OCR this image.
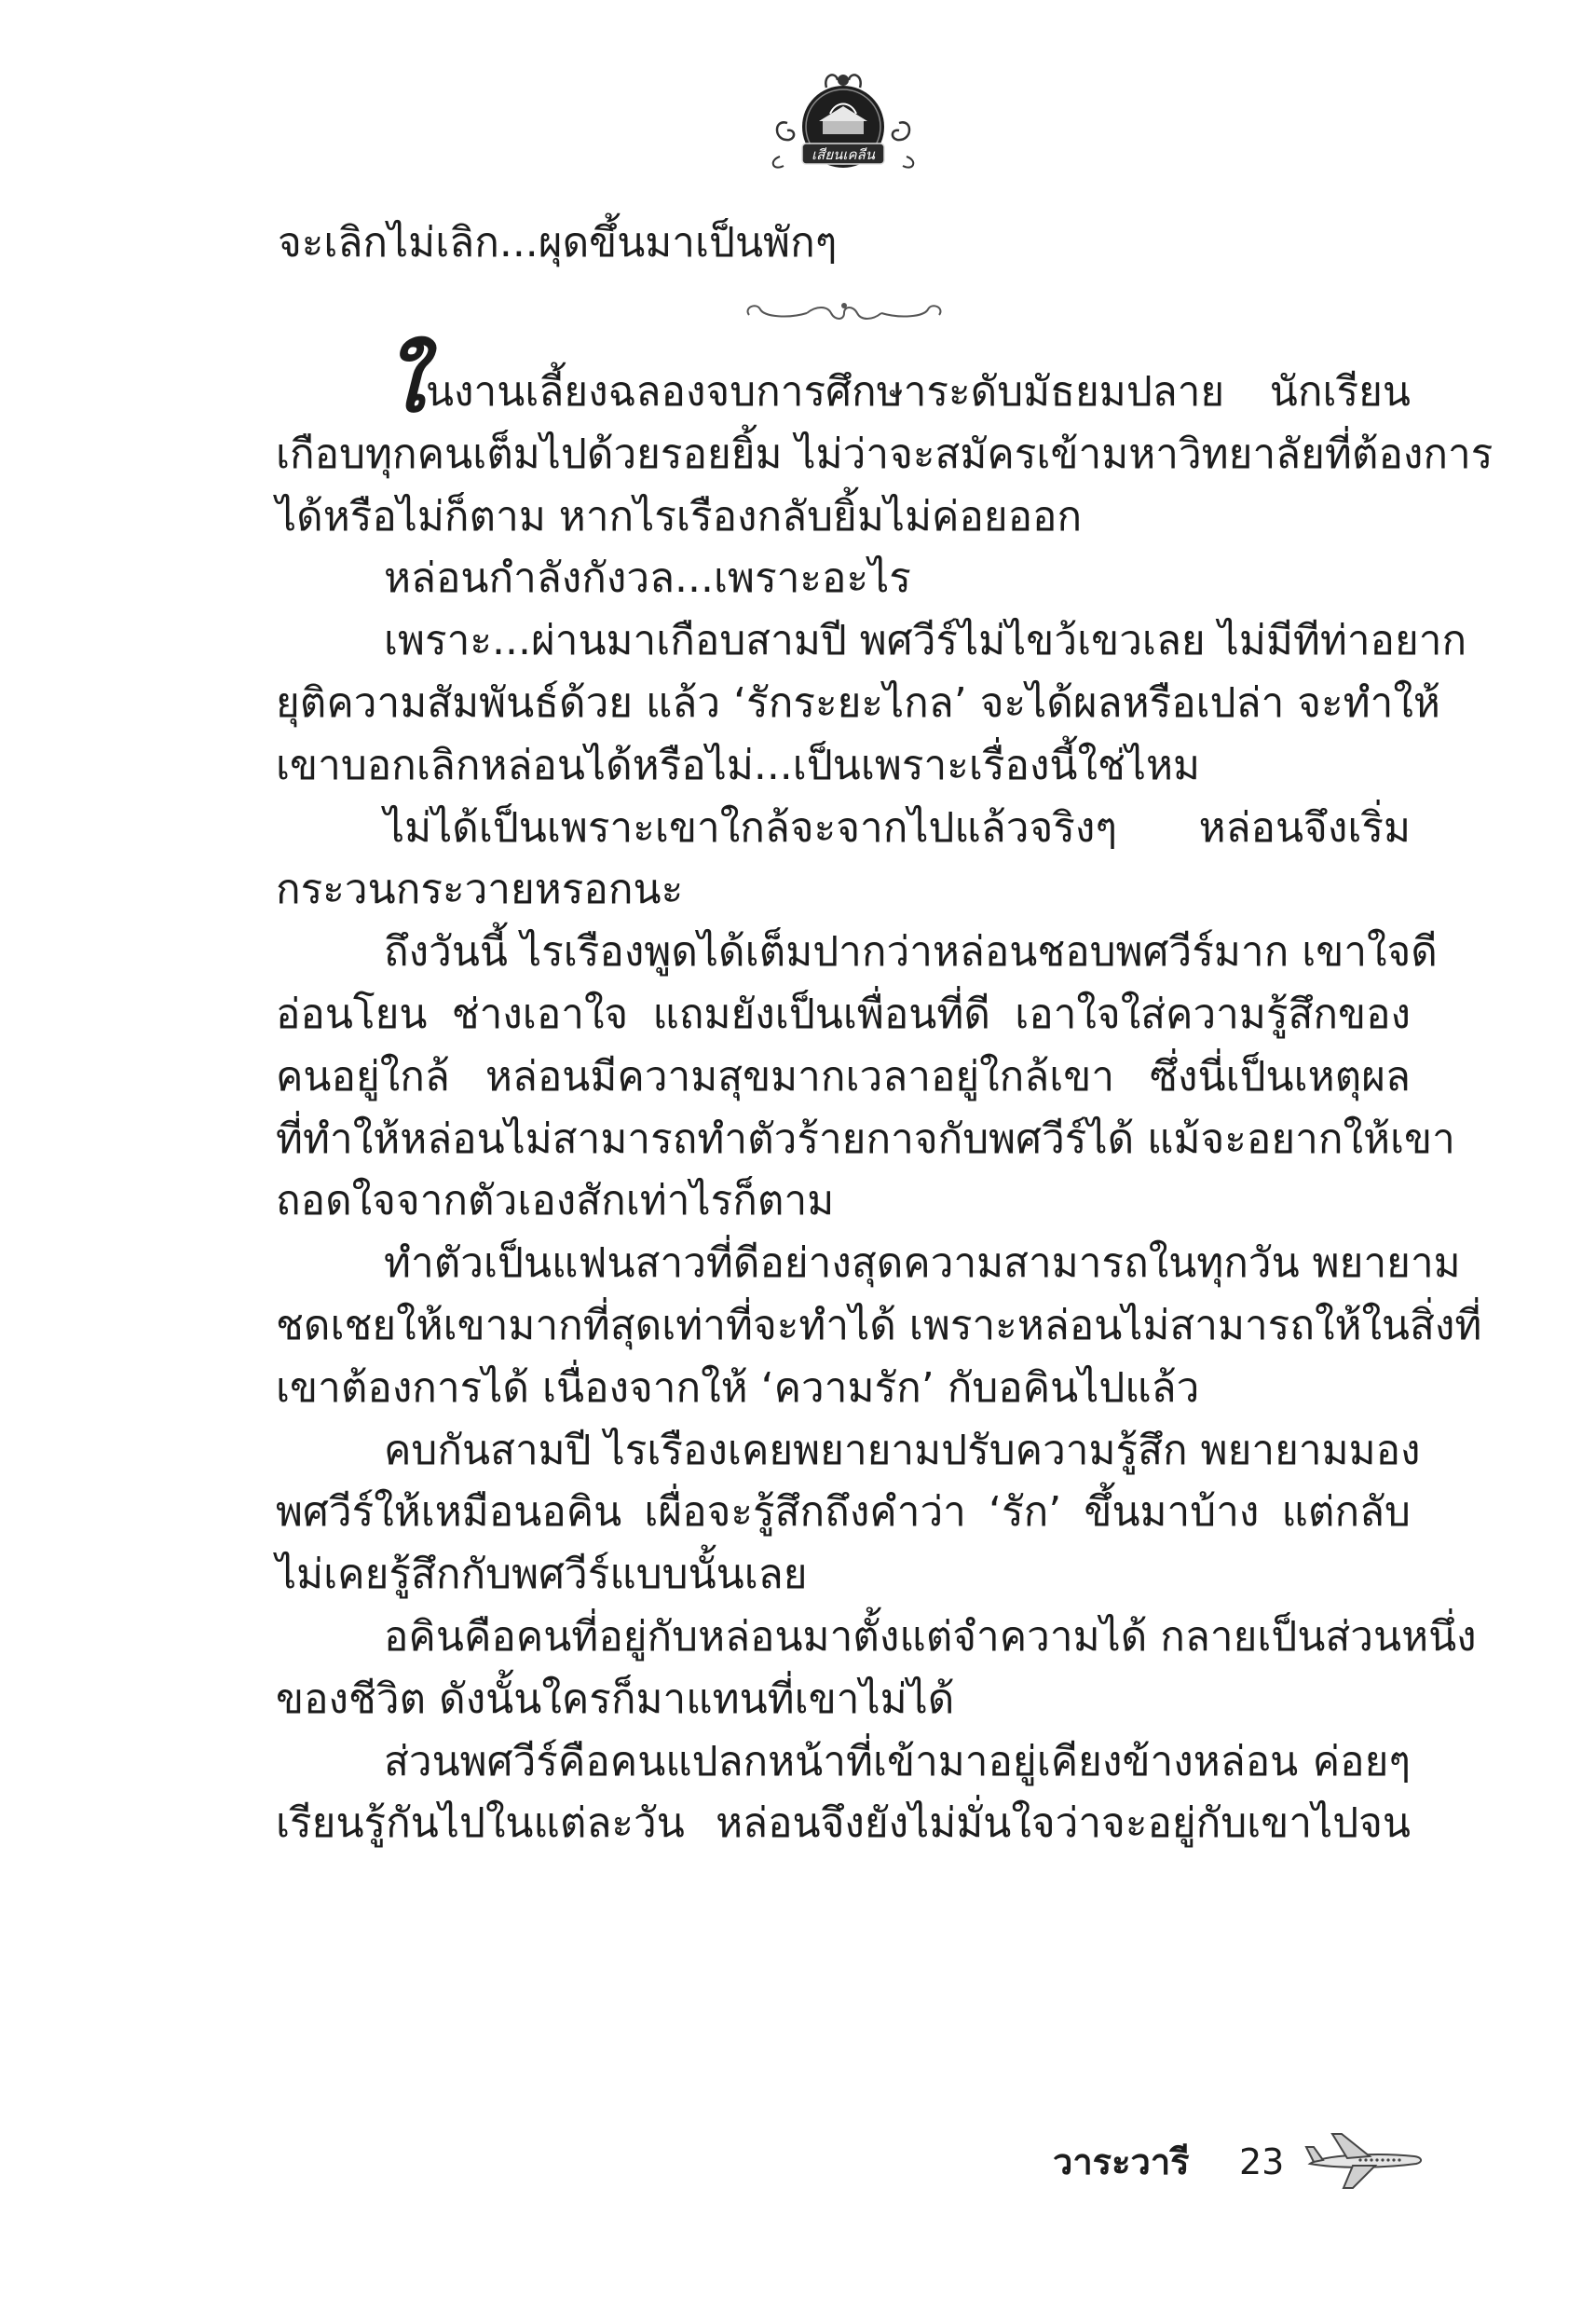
เสียนเคลีน
จะเลิกไม่เลิก...ผุดขึ้นมาเป็นพักๆ
ในงานเลี้ยงฉลองจบการศึกษาระดับมัธยมปลาย นักเรียน
เกือบทุกคนเต็มไปด้วยรอยยิ้ม ไม่ว่าจะสมัครเข้ามหาวิทยาลัยที่ต้องการ
ได้หรือไม่ก็ตาม หากไรเรืองกลับยิ้มไม่ค่อยออก
หล่อนกำลังกังวล...เพราะอะไร
เพราะ...ผ่านมาเกือบสามปี พศวีร์ไม่ไขว้เขวเลย ไม่มีทีท่าอยาก
ยุติความสัมพันธ์ด้วย แล้ว ‘รักระยะไกล’ จะได้ผลหรือเปล่า จะทำให้
เขาบอกเลิกหล่อนได้หรือไม่...เป็นเพราะเรื่องนี้ใช่ไหม
ไม่ได้เป็นเพราะเขาใกล้จะจากไปแล้วจริงๆ หล่อนจึงเริ่ม
กระวนกระวายหรอกนะ
ถึงวันนี้ ไรเรืองพูดได้เต็มปากว่าหล่อนชอบพศวีร์มาก เขาใจดี
อ่อนโยน ช่างเอาใจ แถมยังเป็นเพื่อนที่ดี เอาใจใส่ความรู้สึกของ
คนอยู่ใกล้ หล่อนมีความสุขมากเวลาอยู่ใกล้เขา ซึ่งนี่เป็นเหตุผล
ที่ทำให้หล่อนไม่สามารถทำตัวร้ายกาจกับพศวีร์ได้ แม้จะอยากให้เขา
ถอดใจจากตัวเองสักเท่าไรก็ตาม
ทำตัวเป็นแฟนสาวที่ดีอย่างสุดความสามารถในทุกวัน พยายาม
ชดเชยให้เขามากที่สุดเท่าที่จะทำได้ เพราะหล่อนไม่สามารถให้ในสิ่งที่
เขาต้องการได้ เนื่องจากให้ ‘ความรัก’ กับอคินไปแล้ว
คบกันสามปี ไรเรืองเคยพยายามปรับความรู้สึก พยายามมอง
พศวีร์ให้เหมือนอคิน เผื่อจะรู้สึกถึงคำว่า ‘รัก’ ขึ้นมาบ้าง แต่กลับ
ไม่เคยรู้สึกกับพศวีร์แบบนั้นเลย
อคินคือคนที่อยู่กับหล่อนมาตั้งแต่จำความได้ กลายเป็นส่วนหนึ่ง
ของชีวิต ดังนั้นใครก็มาแทนที่เขาไม่ได้
ส่วนพศวีร์คือคนแปลกหน้าที่เข้ามาอยู่เคียงข้างหล่อน ค่อยๆ
เรียนรู้กันไปในแต่ละวัน หล่อนจึงยังไม่มั่นใจว่าจะอยู่กับเขาไปจน
วาระวารี 23
